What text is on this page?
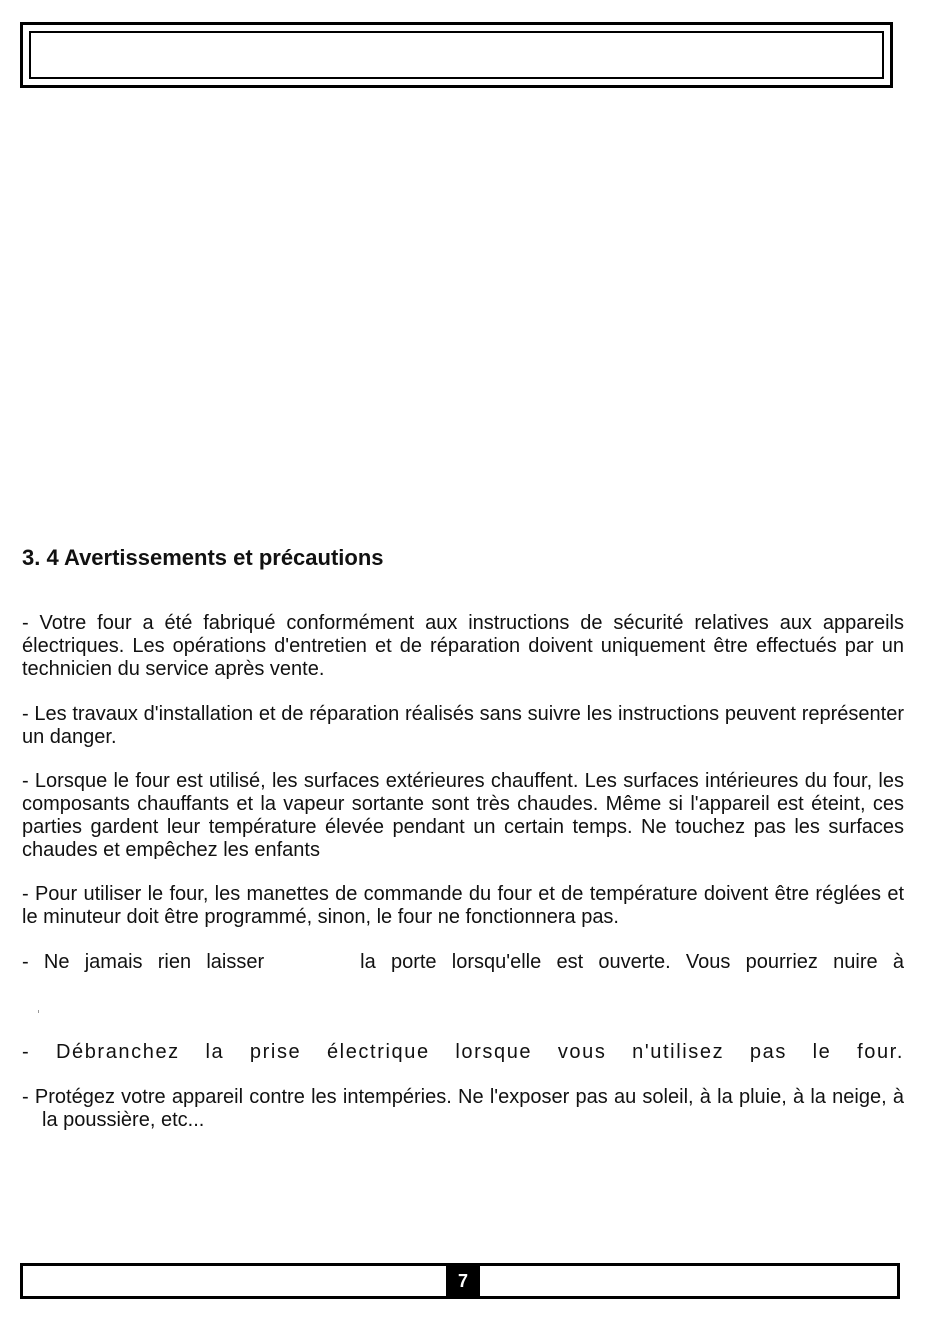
3. 4 Avertissements et précautions

- Votre four a été fabriqué conformément aux instructions de sécurité relatives aux appareils électriques. Les opérations d'entretien et de réparation doivent uniquement être effectués par un technicien du service après vente.

- Les travaux d'installation et de réparation réalisés sans suivre les instructions peuvent représenter un danger.

- Lorsque le four est utilisé, les surfaces extérieures chauffent. Les surfaces intérieures du four, les composants chauffants et la vapeur sortante sont très chaudes. Même si l'appareil est éteint, ces parties gardent leur température élevée pendant un certain temps. Ne touchez pas les surfaces chaudes et empêchez les enfants

- Pour utiliser le four, les manettes de commande du four et de température doivent être réglées et le minuteur doit être programmé, sinon, le four ne fonctionnera pas.

- Ne jamais rien laisser	la porte lorsqu'elle est ouverte. Vous pourriez nuire à

- Débranchez la prise électrique lorsque vous n'utilisez pas le four.

- Protégez votre appareil contre les intempéries. Ne l'exposer pas au soleil, à la pluie, à la neige, à la poussière, etc...

7
